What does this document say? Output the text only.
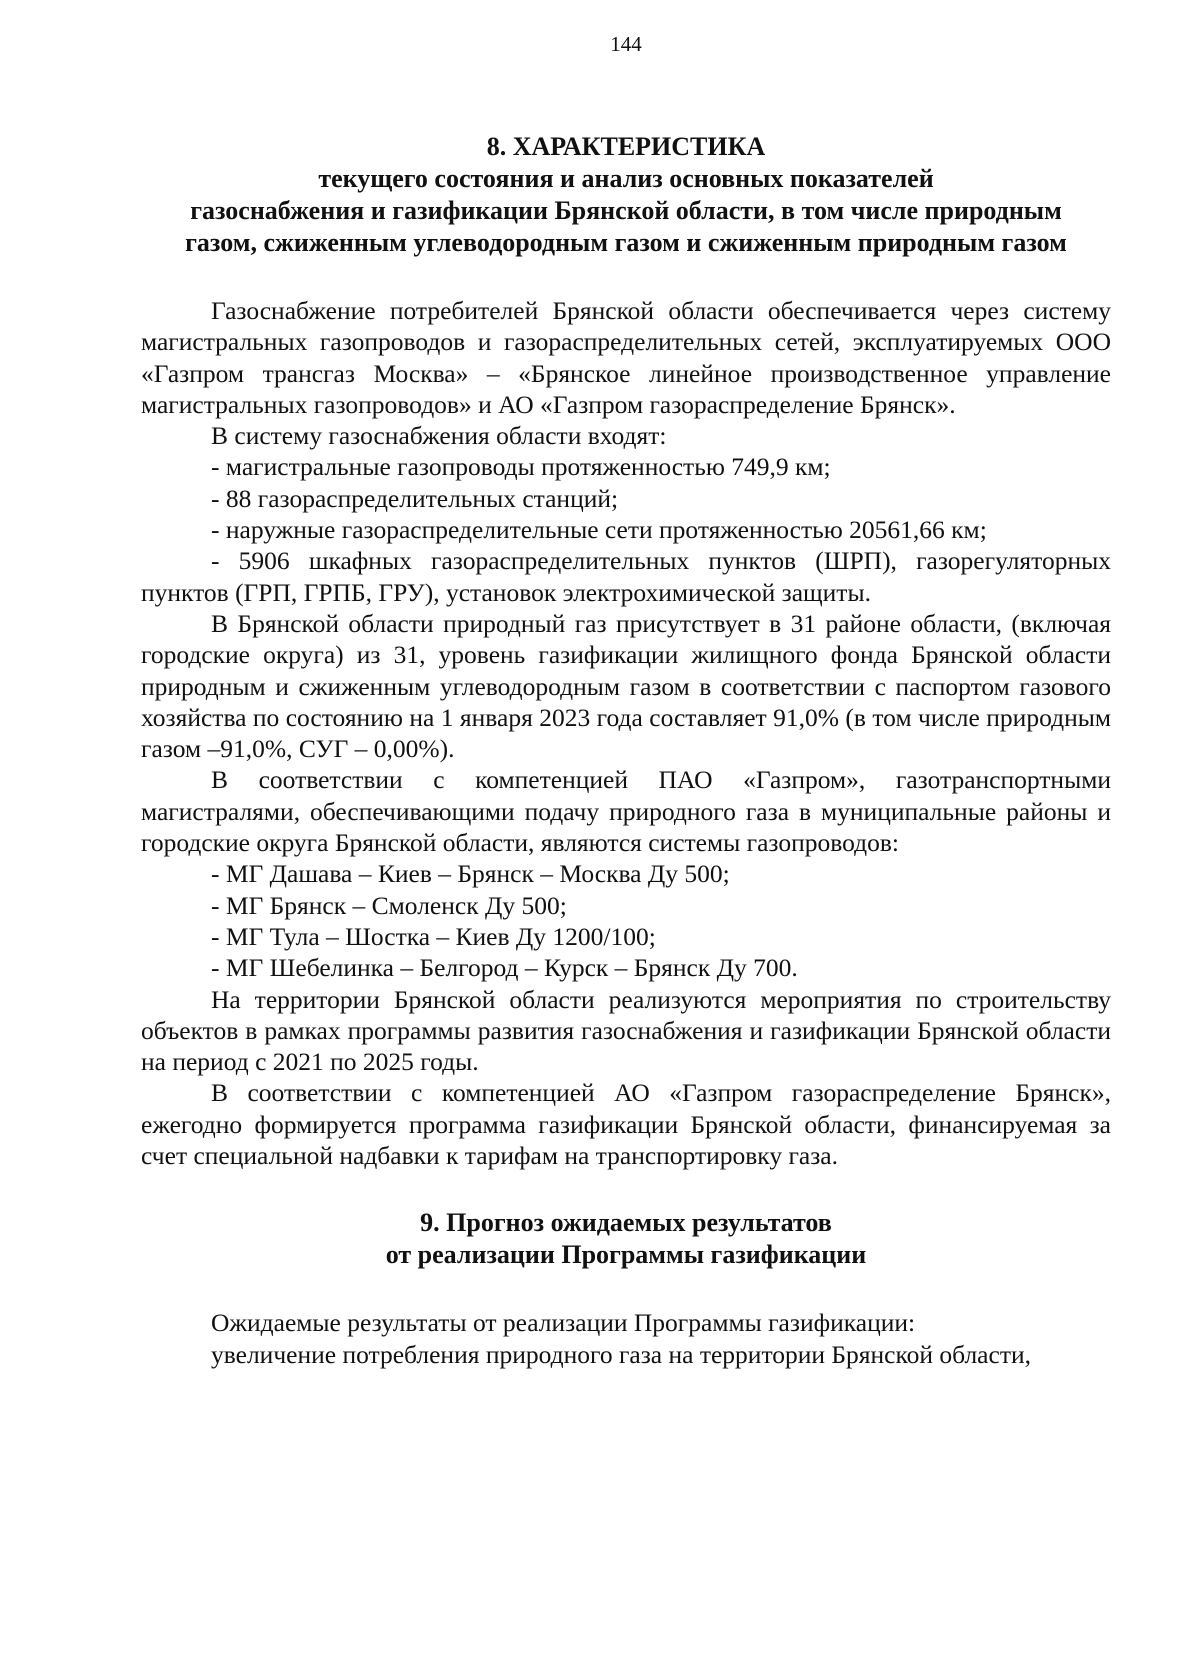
144

8. ХАРАКТЕРИСТИКА

текущего состояния и анализ основных показателей

газоснабжения и газификации Брянской области, в том числе природным

газом, сжиженным углеводородным газом и сжиженным природным газом

Газоснабжение потребителей Брянской области обеспечивается через систему магистральных газопроводов и газораспределительных сетей, эксплуатируемых ООО «Газпром трансгаз Москва» – «Брянское линейное производственное управление магистральных газопроводов» и АО «Газпром газораспределение Брянск».

В систему газоснабжения области входят:

- магистральные газопроводы протяженностью 749,9 км;

- 88 газораспределительных станций;

- наружные газораспределительные сети протяженностью 20561,66 км;

- 5906 шкафных газораспределительных пунктов (ШРП), газорегуляторных пунктов (ГРП, ГРПБ, ГРУ), установок электрохимической защиты.

В Брянской области природный газ присутствует в 31 районе области, (включая городские округа) из 31, уровень газификации жилищного фонда Брянской области природным и сжиженным углеводородным газом в соответствии с паспортом газового хозяйства по состоянию на 1 января 2023 года составляет 91,0% (в том числе природным газом –91,0%, СУГ – 0,00%).

В соответствии с компетенцией ПАО «Газпром», газотранспортными магистралями, обеспечивающими подачу природного газа в муниципальные районы и городские округа Брянской области, являются системы газопроводов:

- МГ Дашава – Киев – Брянск – Москва Ду 500;

- МГ Брянск – Смоленск Ду 500;

- МГ Тула – Шостка – Киев Ду 1200/100;

- МГ Шебелинка – Белгород – Курск – Брянск Ду 700.

На территории Брянской области реализуются мероприятия по строительству объектов в рамках программы развития газоснабжения и газификации Брянской области на период с 2021 по 2025 годы.

В соответствии с компетенцией АО «Газпром газораспределение Брянск», ежегодно формируется программа газификации Брянской области, финансируемая за счет специальной надбавки к тарифам на транспортировку газа.

9. Прогноз ожидаемых результатов

от реализации Программы газификации

Ожидаемые результаты от реализации Программы газификации:

увеличение потребления природного газа на территории Брянской области,
